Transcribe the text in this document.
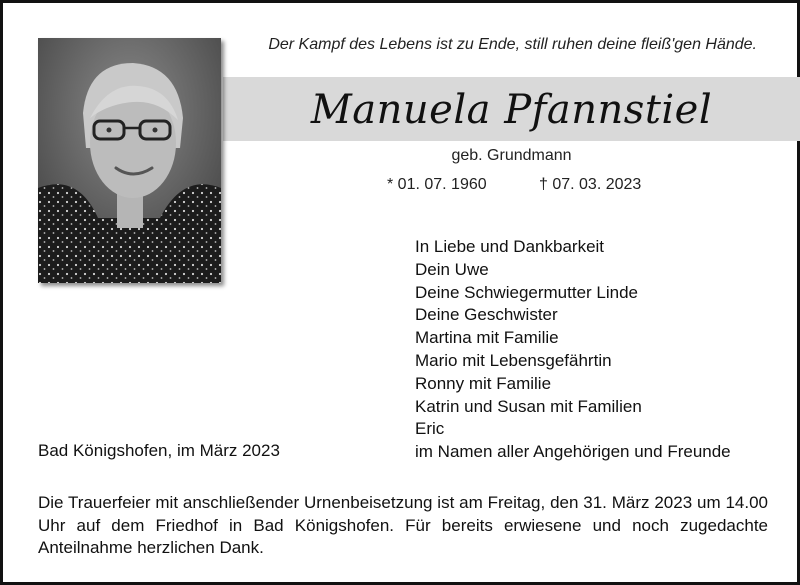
Der Kampf des Lebens ist zu Ende, still ruhen deine fleiß'gen Hände.
Manuela Pfannstiel
geb. Grundmann
* 01. 07. 1960	† 07. 03. 2023
In Liebe und Dankbarkeit
Dein Uwe
Deine Schwiegermutter Linde
Deine Geschwister
Martina mit Familie
Mario mit Lebensgefährtin
Ronny mit Familie
Katrin und Susan mit Familien
Eric
im Namen aller Angehörigen und Freunde
Bad Königshofen, im März 2023

Die Trauerfeier mit anschließender Urnenbeisetzung ist am Freitag, den 31. März 2023 um 14.00 Uhr auf dem Friedhof in Bad Königshofen. Für bereits erwiesene und noch zugedachte Anteilnahme herzlichen Dank.
